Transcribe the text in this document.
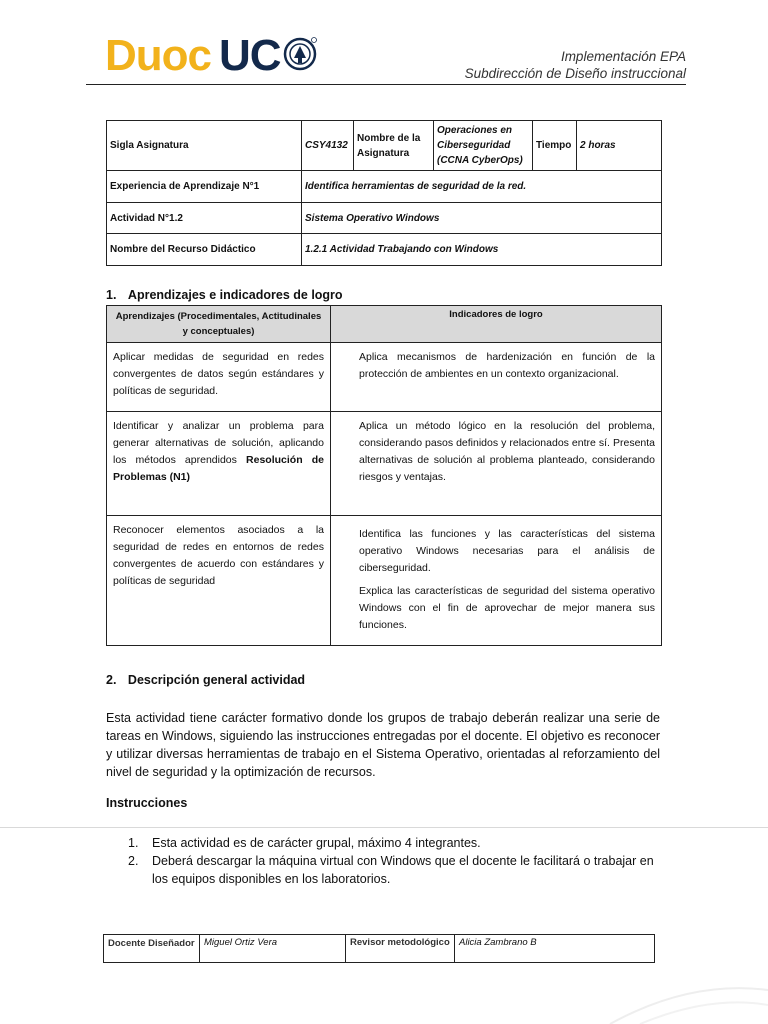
Duoc UC	Implementación EPA
Subdirección de Diseño instruccional
Sigla Asignatura	CSY4132	Nombre de la Asignatura	Operaciones en Ciberseguridad (CCNA CyberOps)	Tiempo	2 horas
Experiencia de Aprendizaje N°1	Identifica herramientas de seguridad de la red.				
Actividad N°1.2	Sistema Operativo Windows				
Nombre del Recurso Didáctico	1.2.1 Actividad Trabajando con Windows				
1. Aprendizajes e indicadores de logro
Aprendizajes (Procedimentales, Actitudinales y conceptuales)	Indicadores de logro
Aplicar medidas de seguridad en redes convergentes de datos según estándares y políticas de seguridad.	Aplica mecanismos de hardenización en función de la protección de ambientes en un contexto organizacional.

Identificar y analizar un problema para generar alternativas de solución, aplicando los métodos aprendidos Resolución de Problemas (N1)	Aplica un método lógico en la resolución del problema, considerando pasos definidos y relacionados entre sí. Presenta alternativas de solución al problema planteado, considerando riesgos y ventajas.

Reconocer elementos asociados a la seguridad de redes en entornos de redes convergentes de acuerdo con estándares y políticas de seguridad	Identifica las funciones y las características del sistema operativo Windows necesarias para el análisis de ciberseguridad.
Explica las características de seguridad del sistema operativo Windows con el fin de aprovechar de mejor manera sus funciones.
2. Descripción general actividad
Esta actividad tiene carácter formativo donde los grupos de trabajo deberán realizar una serie de tareas en Windows, siguiendo las instrucciones entregadas por el docente. El objetivo es reconocer y utilizar diversas herramientas de trabajo en el Sistema Operativo, orientadas al reforzamiento del nivel de seguridad y la optimización de recursos.
Instrucciones
1.	Esta actividad es de carácter grupal, máximo 4 integrantes.
2.	Deberá descargar la máquina virtual con Windows que el docente le facilitará o trabajar en los equipos disponibles en los laboratorios.
Docente Diseñador	Miguel Ortiz Vera	Revisor metodológico	Alicia Zambrano B
